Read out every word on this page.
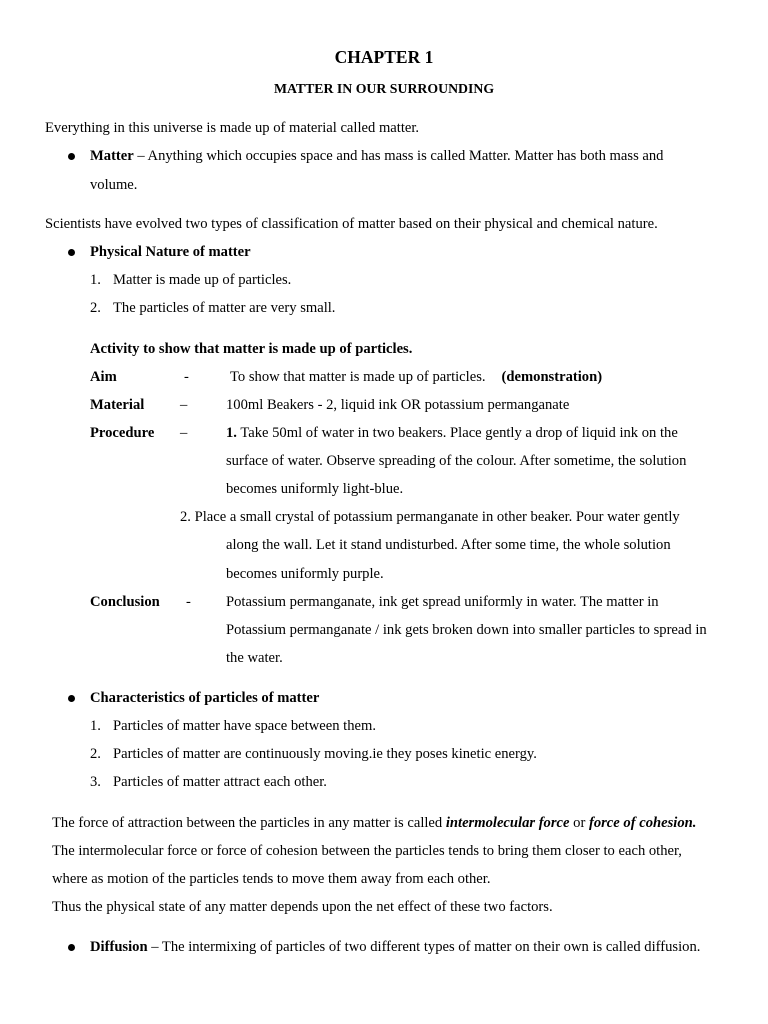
CHAPTER 1
MATTER IN OUR SURROUNDING
Everything in this universe is made up of material called matter.
Matter – Anything which occupies space and has mass is called Matter. Matter has both mass and
volume.
Scientists have evolved two types of classification of matter based on their physical and chemical nature.
Physical Nature of matter
1. Matter is made up of particles.
2. The particles of matter are very small.
Activity to show that matter is made up of particles.
Aim	-	To show that matter is made up of particles. (demonstration)
Material –	100ml Beakers - 2, liquid ink OR potassium permanganate
Procedure –	1. Take 50ml of water in two beakers. Place gently a drop of liquid ink on the
surface of water. Observe spreading of the colour. After sometime, the solution
becomes uniformly light-blue.
2. Place a small crystal of potassium permanganate in other beaker. Pour water gently
along the wall. Let it stand undisturbed. After some time, the whole solution
becomes uniformly purple.
Conclusion - Potassium permanganate, ink get spread uniformly in water. The matter in
Potassium permanganate / ink gets broken down into smaller particles to spread in
the water.
Characteristics of particles of matter
1. Particles of matter have space between them.
2. Particles of matter are continuously moving.ie they poses kinetic energy.
3. Particles of matter attract each other.
The force of attraction between the particles in any matter is called intermolecular force or force of cohesion.
The intermolecular force or force of cohesion between the particles tends to bring them closer to each other,
where as motion of the particles tends to move them away from each other.
Thus the physical state of any matter depends upon the net effect of these two factors.
Diffusion – The intermixing of particles of two different types of matter on their own is called diffusion.
